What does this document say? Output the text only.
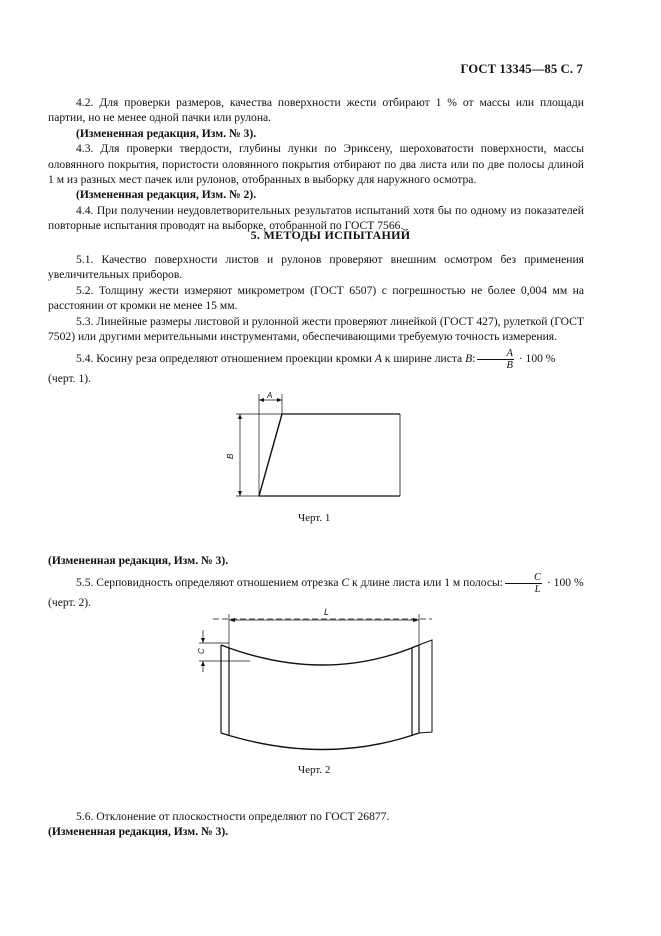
ГОСТ 13345—85 С. 7

4.2. Для проверки размеров, качества поверхности жести отбирают 1 % от массы или площади партии, но не менее одной пачки или рулона.

(Измененная редакция, Изм. № 3).

4.3. Для проверки твердости, глубины лунки по Эриксену, шероховатости поверхности, массы оловянного покрытия, пористости оловянного покрытия отбирают по два листа или по две полосы длиной 1 м из разных мест пачек или рулонов, отобранных в выборку для наружного осмотра.

(Измененная редакция, Изм. № 2).

4.4. При получении неудовлетворительных результатов испытаний хотя бы по одному из показателей повторные испытания проводят на выборке, отобранной по ГОСТ 7566.

5. МЕТОДЫ ИСПЫТАНИЙ

5.1. Качество поверхности листов и рулонов проверяют внешним осмотром без применения увеличительных приборов.

5.2. Толщину жести измеряют микрометром (ГОСТ 6507) с погрешностью не более 0,004 мм на расстоянии от кромки не менее 15 мм.

5.3. Линейные размеры листовой и рулонной жести проверяют линейкой (ГОСТ 427), рулеткой (ГОСТ 7502) или другими мерительными инструментами, обеспечивающими требуемую точность измерения.

5.4. Косину реза определяют отношением проекции кромки А к ширине листа В: $\frac{А}{В} \cdot 100$ %

(черт. 1).

А
В
L
С
Черт. 1

(Измененная редакция, Изм. № 3).

5.5. Серповидность определяют отношением отрезка С к длине листа или 1 м полосы: $\frac{С}{L} \cdot 100$ %

(черт. 2).

Черт. 2

5.6. Отклонение от плоскостности определяют по ГОСТ 26877.

(Измененная редакция, Изм. № 3).
